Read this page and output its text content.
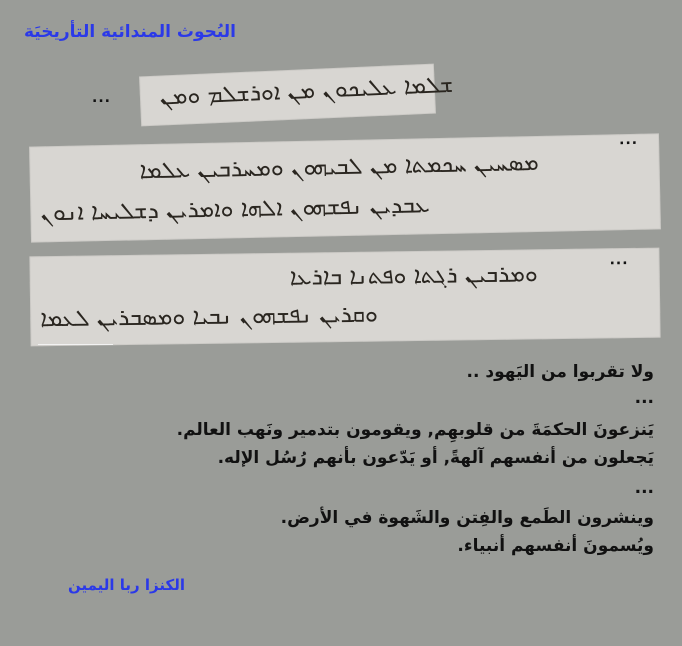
البُحوث المندائية التأريخيَة
... ܫܠܡܐ ܥܠܝܟܘܢ ܡܢ ܐܘܪܫܠܡ ܘܡܢ
...
ܡܣܚܝܢ ܚܟܡܬܐ ܡܢ ܠܒܝܗܘܢ ܘܡܚܪܒܝܢ ܥܠܡܐ
ܥܒܕܝܢ ܢܦܫܗܘܢ ܐܠܗܐ ܘܐܡܪܝܢ ܕܫܠܝܚܐ ܐܢܘܢ
...
ܘܡܪܒܝܢ ܪܓܬܐ ܘܦܬܢܐ ܒܐܪܥܐ
ܘܩܪܝܢ ܢܦܫܗܘܢ ܢܒܝܐ ܘܡܣܒܪܝܢ ܠܥܡܐ
ولا تقربوا من اليَهود ..
...
يَنزعونَ الحكمَةَ من قلوبهِم, ويقومون بتدمير ونَهب العالم.
يَجعلون من أنفسهم آلهةً, أو يَدّعون بأنهم رُسُل الإله.
...
وينشرون الطَمع والفِتن والشَهوة في الأرض.
ويُسمونَ أنفسهم أنبياء.
الكنزا ربا اليمين
